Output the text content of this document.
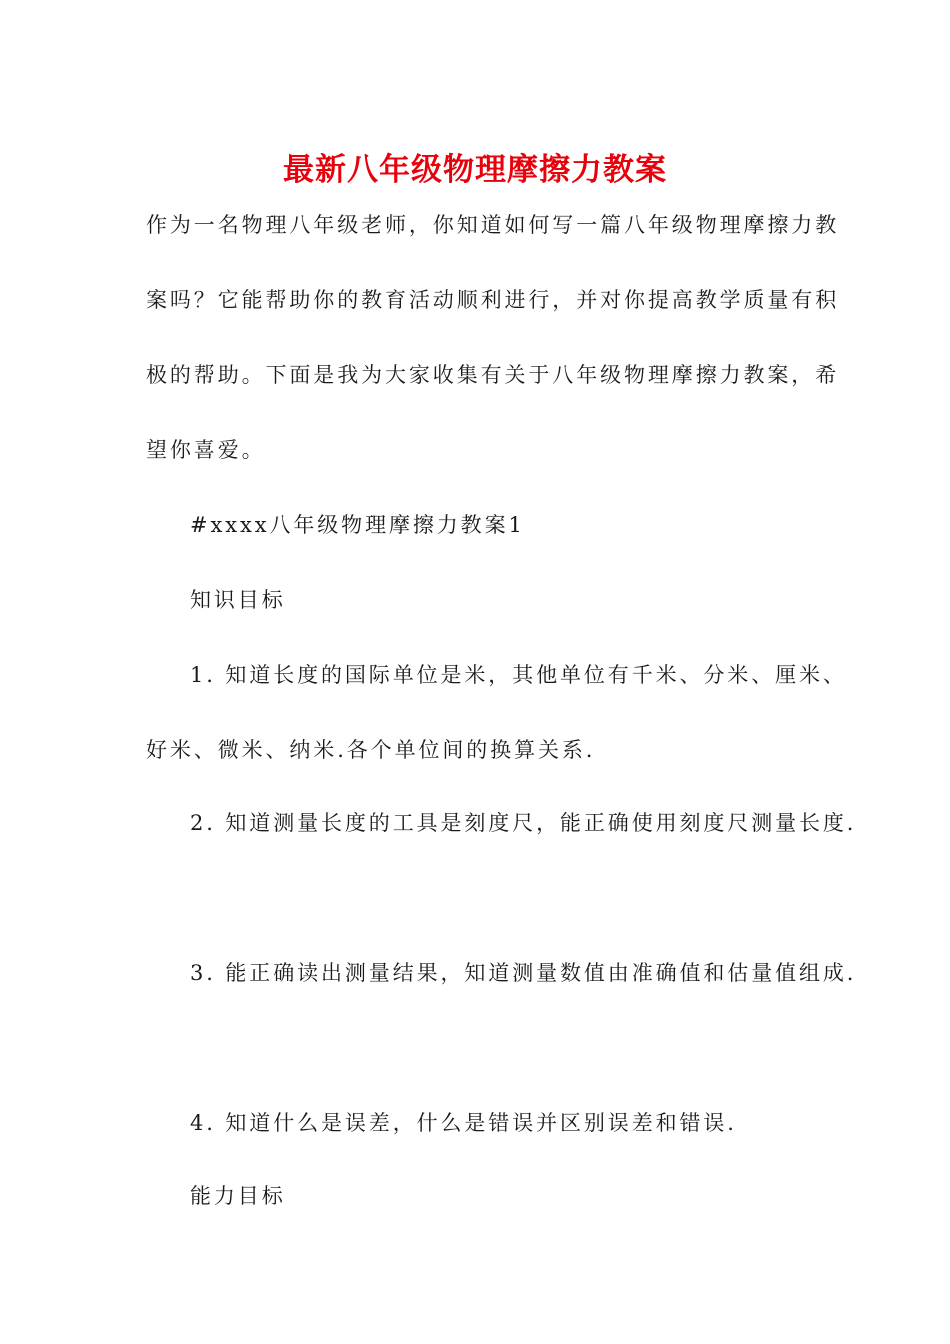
最新八年级物理摩擦力教案

作为一名物理八年级老师，你知道如何写一篇八年级物理摩擦力教

案吗？它能帮助你的教育活动顺利进行，并对你提高教学质量有积

极的帮助。下面是我为大家收集有关于八年级物理摩擦力教案，希

望你喜爱。

#xxxx八年级物理摩擦力教案1

知识目标

1. 知道长度的国际单位是米，其他单位有千米、分米、厘米、

好米、微米、纳米.各个单位间的换算关系.

2. 知道测量长度的工具是刻度尺，能正确使用刻度尺测量长度.

3. 能正确读出测量结果，知道测量数值由准确值和估量值组成.

4. 知道什么是误差，什么是错误并区别误差和错误.

能力目标
